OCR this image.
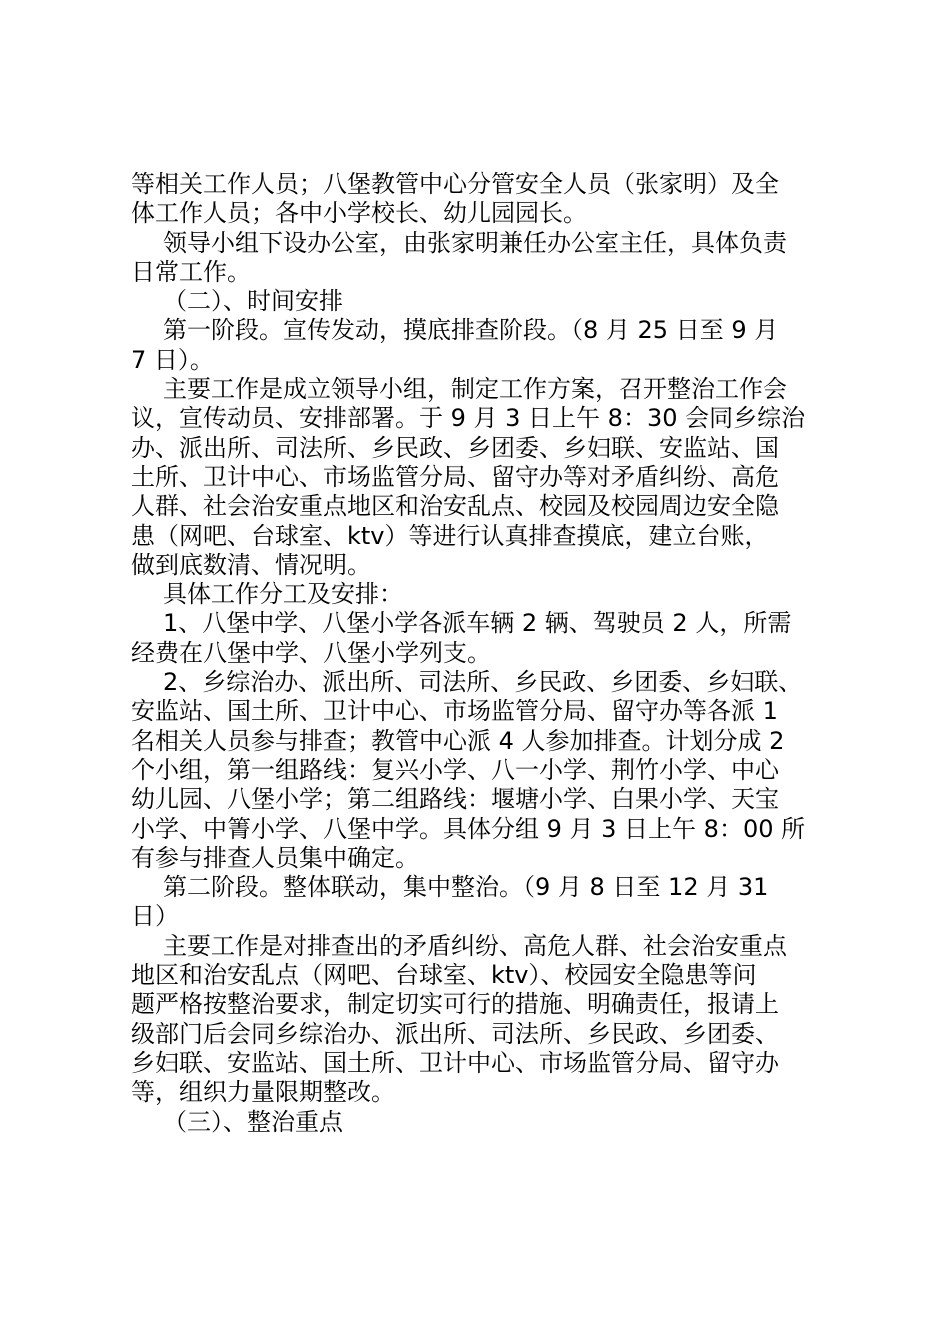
等相关工作人员；八堡教管中心分管安全人员（张家明）及全
体工作人员；各中小学校长、幼儿园园长。
领导小组下设办公室，由张家明兼任办公室主任，具体负责
日常工作。
（二）、时间安排
第一阶段。宣传发动，摸底排查阶段。（8 月 25 日至 9 月
7 日）。
主要工作是成立领导小组，制定工作方案，召开整治工作会
议，宣传动员、安排部署。于 9 月 3 日上午 8：30 会同乡综治
办、派出所、司法所、乡民政、乡团委、乡妇联、安监站、国
土所、卫计中心、市场监管分局、留守办等对矛盾纠纷、高危
人群、社会治安重点地区和治安乱点、校园及校园周边安全隐
患（网吧、台球室、ktv）等进行认真排查摸底，建立台账，
做到底数清、情况明。
具体工作分工及安排：
1、八堡中学、八堡小学各派车辆 2 辆、驾驶员 2 人，所需
经费在八堡中学、八堡小学列支。
2、乡综治办、派出所、司法所、乡民政、乡团委、乡妇联、
安监站、国土所、卫计中心、市场监管分局、留守办等各派 1
名相关人员参与排查；教管中心派 4 人参加排查。计划分成 2
个小组，第一组路线：复兴小学、八一小学、荆竹小学、中心
幼儿园、八堡小学；第二组路线：堰塘小学、白果小学、天宝
小学、中箐小学、八堡中学。具体分组 9 月 3 日上午 8：00 所
有参与排查人员集中确定。
第二阶段。整体联动，集中整治。（9 月 8 日至 12 月 31
日）
主要工作是对排查出的矛盾纠纷、高危人群、社会治安重点
地区和治安乱点（网吧、台球室、ktv）、校园安全隐患等问
题严格按整治要求，制定切实可行的措施、明确责任，报请上
级部门后会同乡综治办、派出所、司法所、乡民政、乡团委、
乡妇联、安监站、国土所、卫计中心、市场监管分局、留守办
等，组织力量限期整改。
（三）、整治重点
